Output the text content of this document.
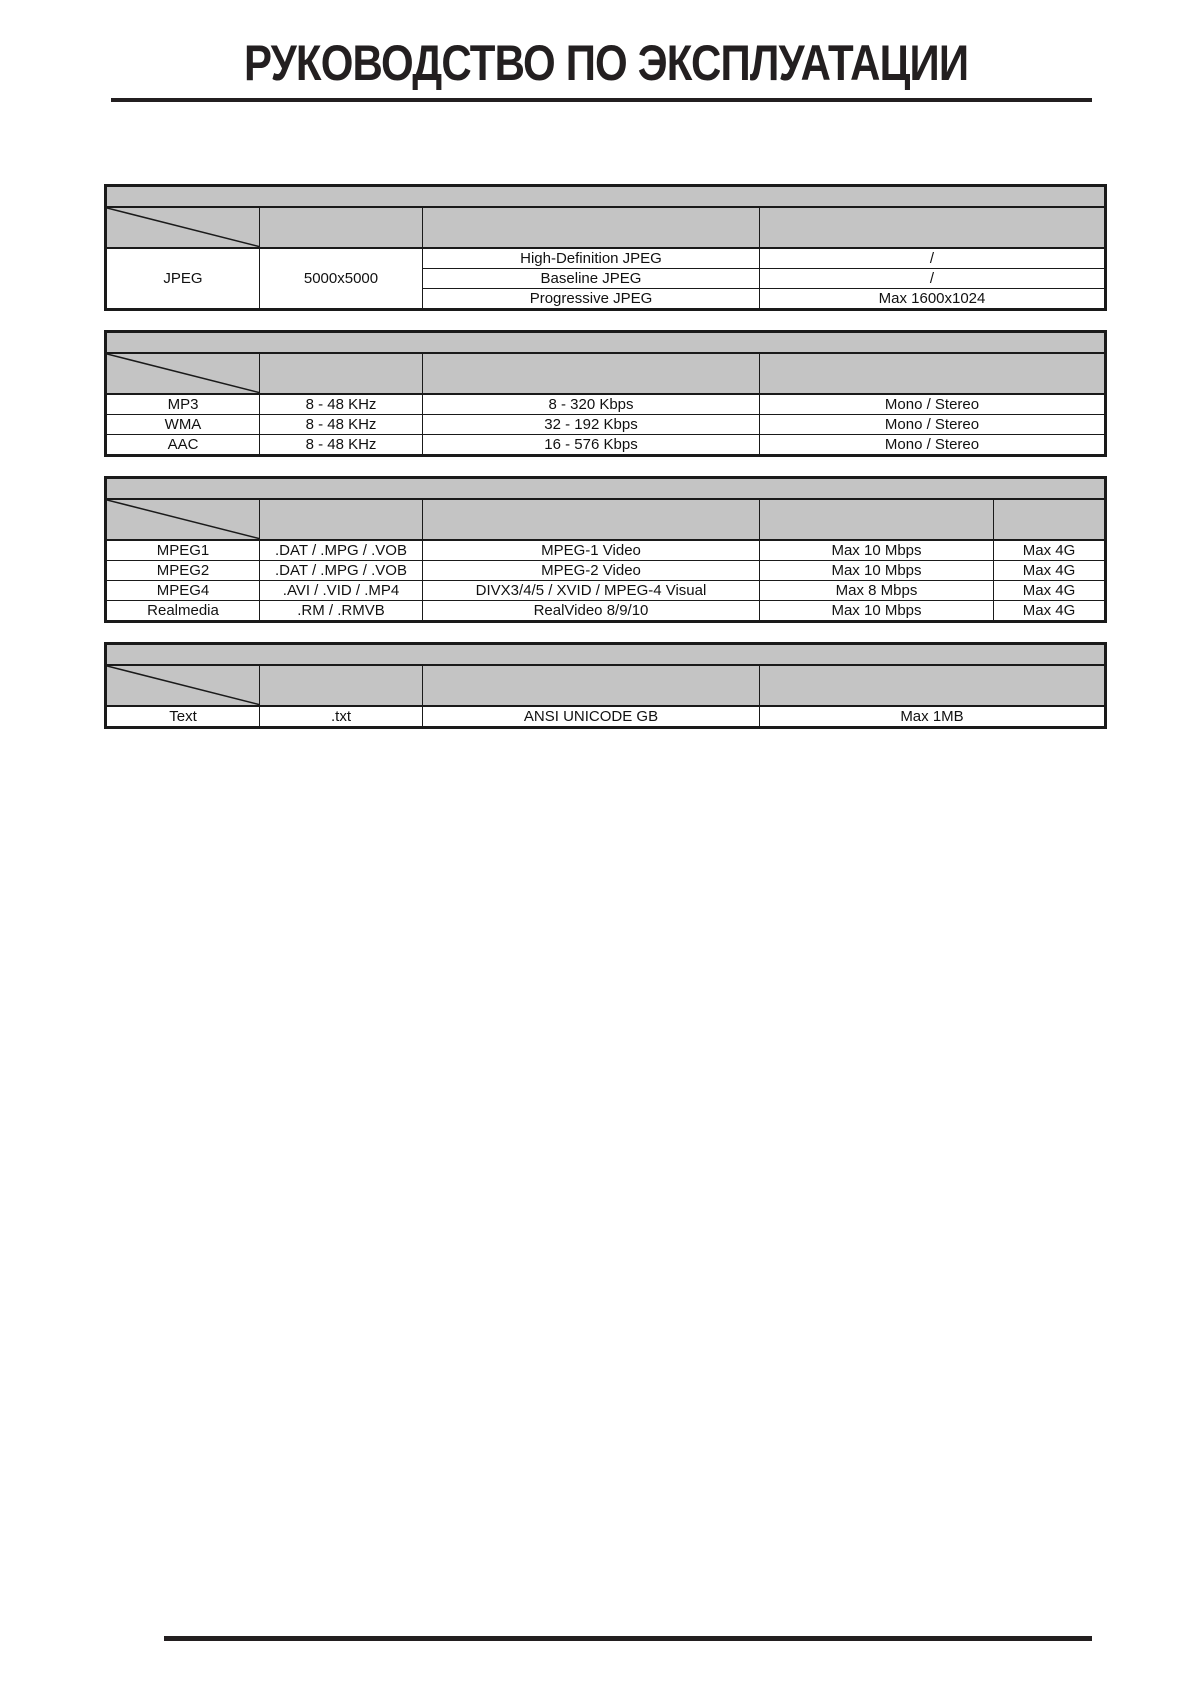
РУКОВОДСТВО ПО ЭКСПЛУАТАЦИИ

JPEG	5000x5000	High-Definition JPEG	/
		Baseline JPEG	/
		Progressive JPEG	Max 1600x1024

MP3	8 - 48 KHz	8 - 320 Kbps	Mono / Stereo
WMA	8 - 48 KHz	32 - 192 Kbps	Mono / Stereo
AAC	8 - 48 KHz	16 - 576 Kbps	Mono / Stereo

MPEG1	.DAT / .MPG / .VOB	MPEG-1 Video	Max 10 Mbps	Max 4G
MPEG2	.DAT / .MPG / .VOB	MPEG-2 Video	Max 10 Mbps	Max 4G
MPEG4	.AVI / .VID / .MP4	DIVX3/4/5 / XVID / MPEG-4 Visual	Max 8 Mbps	Max 4G
Realmedia	.RM / .RMVB	RealVideo 8/9/10	Max 10 Mbps	Max 4G

Text	.txt	ANSI UNICODE GB	Max 1MB
